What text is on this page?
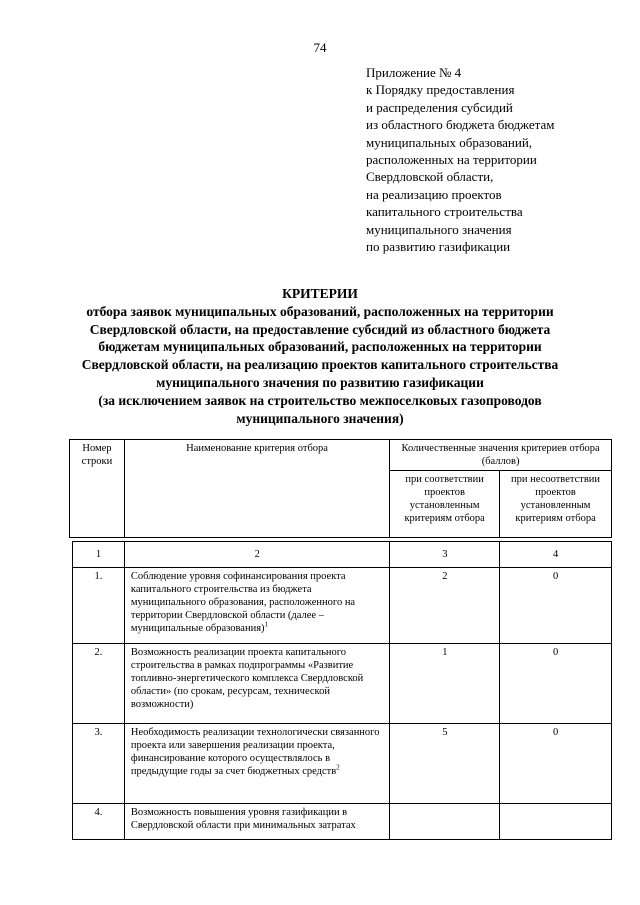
74
Приложение № 4
к Порядку предоставления
и распределения субсидий
из областного бюджета бюджетам
муниципальных образований,
расположенных на территории
Свердловской области,
на реализацию проектов
капитального строительства
муниципального значения
по развитию газификации
КРИТЕРИИ
отбора заявок муниципальных образований, расположенных на территории
Свердловской области, на предоставление субсидий из областного бюджета
бюджетам муниципальных образований, расположенных на территории
Свердловской области, на реализацию проектов капитального строительства
муниципального значения по развитию газификации
(за исключением заявок на строительство межпоселковых газопроводов
муниципального значения)
Номер строки	Наименование критерия отбора	Количественные значения критериев отбора (баллов)	
		при соответствии проектов установленным критериям отбора	при несоответствии проектов установленным критериям отбора
1	2	3	4
1.	Соблюдение уровня софинансирования проекта капитального строительства из бюджета муниципального образования, расположенного на территории Свердловской области (далее – муниципальные образования)$^1$	2	0
2.	Возможность реализации проекта капитального строительства в рамках подпрограммы «Развитие топливно-энергетического комплекса Свердловской области» (по срокам, ресурсам, технической возможности)	1	0
3.	Необходимость реализации технологически связанного проекта или завершения реализации проекта, финансирование которого осуществлялось в предыдущие годы за счет бюджетных средств$^2$	5	0
4.	Возможность повышения уровня газификации в Свердловской области при минимальных затратах		
